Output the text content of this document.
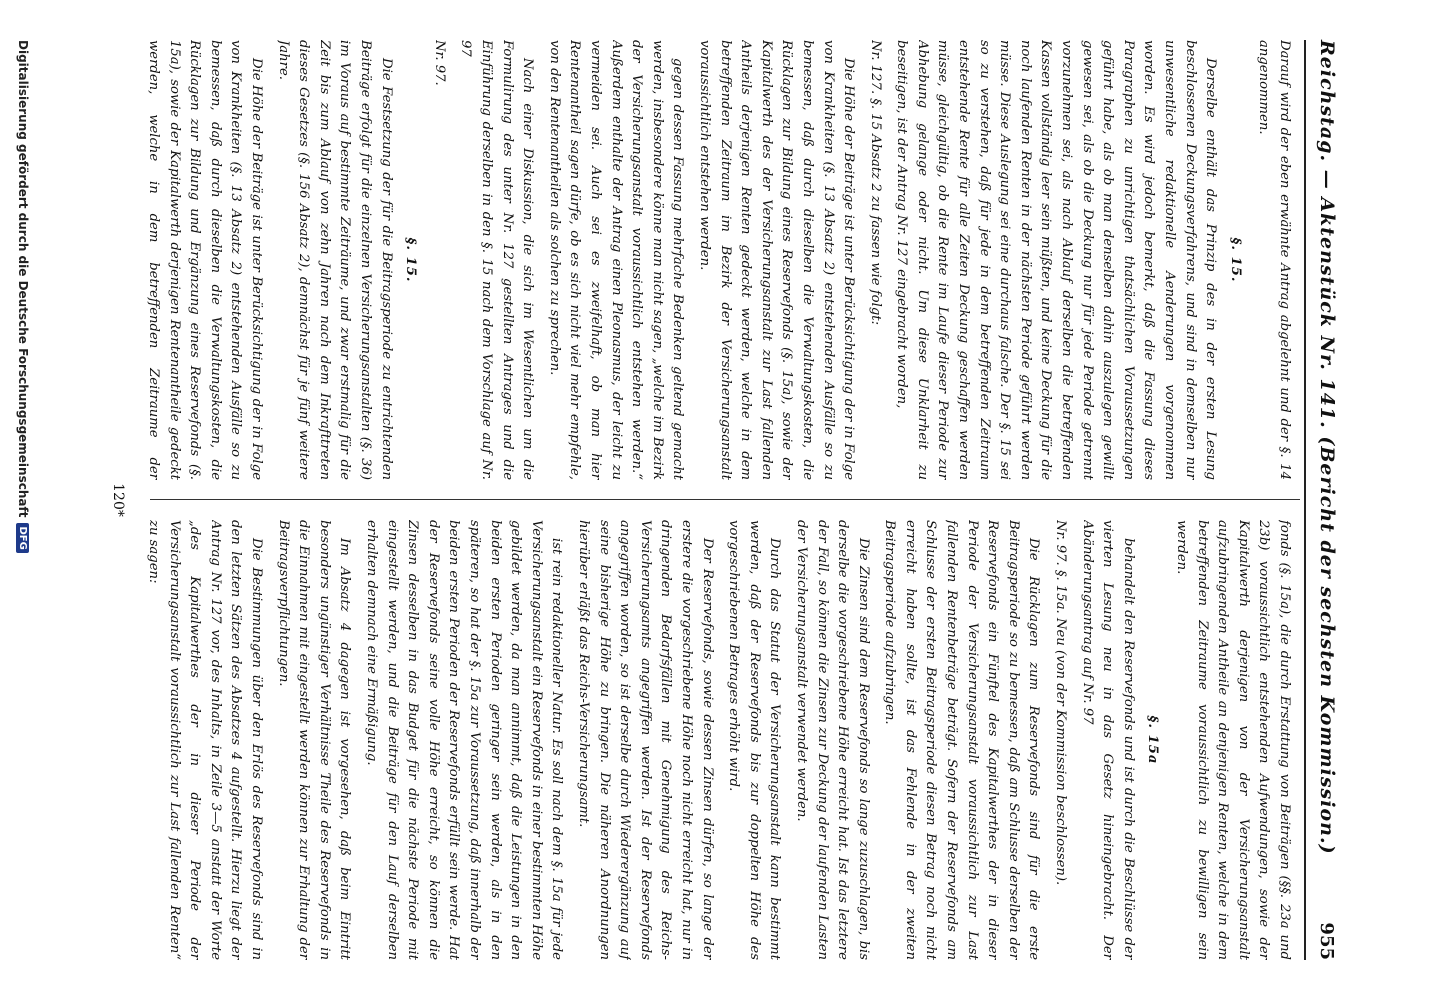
Reichstag. — Aktenstück Nr. 141. (Bericht der sechsten Kommission.)
955
Darauf wird der eben erwähnte Antrag abgelehnt und der §. 14 angenommen.
§. 15.
Derselbe enthält das Prinzip des in der ersten Lesung beschlossenen Deckungsverfahrens, und sind in demselben nur unwesentliche redaktionelle Aenderungen vorgenommen worden. Es wird jedoch bemerkt, daß die Fassung dieses Paragraphen zu unrichtigen thatsächlichen Voraussetzungen geführt habe, als ob man denselben dahin auszulegen gewillt gewesen sei, als ob die Deckung nur für jede Periode getrennt vorzunehmen sei, als nach Ablauf derselben die betreffenden Kassen vollständig leer sein müßten, und keine Deckung für die noch laufenden Renten in der nächsten Periode geführt werden müsse. Diese Auslegung sei eine durchaus falsche. Der §. 15 sei so zu verstehen, daß für jede in dem betreffenden Zeitraum entstehende Rente für alle Zeiten Deckung geschaffen werden müsse, gleichgültig, ob die Rente im Laufe dieser Periode zur Abhebung gelange oder nicht. Um diese Unklarheit zu beseitigen, ist der Antrag Nr. 127 eingebracht worden,
Nr. 127. §. 15 Absatz 2 zu fassen wie folgt:
Die Höhe der Beiträge ist unter Berücksichtigung der in Folge von Krankheiten (§. 13 Absatz 2) entstehenden Ausfälle so zu bemessen, daß durch dieselben die Verwaltungskosten, die Rücklagen zur Bildung eines Reservefonds (§. 15a), sowie der Kapitalwerth des der Versicherungsanstalt zur Last fallenden Antheils derjenigen Renten gedeckt werden, welche in dem betreffenden Zeitraum im Bezirk der Versicherungsanstalt voraussichtlich entstehen werden.
gegen dessen Fassung mehrfache Bedenken geltend gemacht werden, insbesondere könne man nicht sagen, „welche im Bezirk der Versicherungsanstalt voraussichtlich entstehen werden.“ Außerdem enthalte der Antrag einen Pleonasmus, der leicht zu vermeiden sei. Auch sei es zweifelhaft, ob man hier Rentenantheil sagen dürfe, ob es sich nicht viel mehr empfehle, von den Rentenantheilen als solchen zu sprechen.
Nach einer Diskussion, die sich im Wesentlichen um die Formulirung des unter Nr. 127 gestellten Antrages und die Einführung derselben in den §. 15 nach dem Vorschlage auf Nr. 97
Nr. 97.
§. 15.
Die Festsetzung der für die Beitragsperiode zu entrichtenden Beiträge erfolgt für die einzelnen Versicherungsanstalten (§. 36) im Voraus auf bestimmte Zeiträume, und zwar erstmalig für die Zeit bis zum Ablauf von zehn Jahren nach dem Inkrafttreten dieses Gesetzes (§. 156 Absatz 2), demnächst für je fünf weitere Jahre.
Die Höhe der Beiträge ist unter Berücksichtigung der in Folge von Krankheiten (§. 13 Absatz 2) entstehenden Ausfälle so zu bemessen, daß durch dieselben die Verwaltungskosten, die Rücklagen zur Bildung und Ergänzung eines Reservefonds (§. 15a), sowie der Kapitalwerth derjenigen Rentenantheile gedeckt werden, welche in dem betreffenden Zeitraume der
fonds (§. 15a), die durch Erstattung von Beiträgen (§§. 23a und 23b) voraussichtlich entstehenden Aufwendungen, sowie der Kapitalwerth derjenigen von der Versicherungsanstalt aufzubringenden Antheile an denjenigen Renten, welche in dem betreffenden Zeitraume voraussichtlich zu bewilligen sein werden.
§. 15a
behandelt den Reservefonds und ist durch die Beschlüsse der vierten Lesung neu in das Gesetz hineingebracht. Der Abänderungsantrag auf Nr. 97
Nr. 97. §. 15a. Neu (von der Kommission beschlossen).
Die Rücklagen zum Reservefonds sind für die erste Beitragsperiode so zu bemessen, daß am Schlusse derselben der Reservefonds ein Fünftel des Kapitalwerthes der in dieser Periode der Versicherungsanstalt voraussichtlich zur Last fallenden Rentenbeträge beträgt. Sofern der Reservefonds am Schlusse der ersten Beitragsperiode diesen Betrag noch nicht erreicht haben sollte, ist das Fehlende in der zweiten Beitragsperiode aufzubringen.
Die Zinsen sind dem Reservefonds so lange zuzuschlagen, bis derselbe die vorgeschriebene Höhe erreicht hat. Ist das letztere der Fall, so können die Zinsen zur Deckung der laufenden Lasten der Versicherungsanstalt verwendet werden.
Durch das Statut der Versicherungsanstalt kann bestimmt werden, daß der Reservefonds bis zur doppelten Höhe des vorgeschriebenen Betrages erhöht wird.
Der Reservefonds, sowie dessen Zinsen dürfen, so lange der erstere die vorgeschriebene Höhe noch nicht erreicht hat, nur in dringenden Bedarfsfällen mit Genehmigung des Reichs-Versicherungsamts angegriffen werden. Ist der Reservefonds angegriffen worden, so ist derselbe durch Wiederergänzung auf seine bisherige Höhe zu bringen. Die näheren Anordnungen hierüber erläßt das Reichs-Versicherungsamt.
ist rein redaktioneller Natur. Es soll nach dem §. 15a für jede Versicherungsanstalt ein Reservefonds in einer bestimmten Höhe gebildet werden, da man annimmt, daß die Leistungen in den beiden ersten Perioden geringer sein werden, als in den späteren, so hat der §. 15a zur Voraussetzung, daß innerhalb der beiden ersten Perioden der Reservefonds erfüllt sein werde. Hat der Reservefonds seine volle Höhe erreicht, so können die Zinsen desselben in das Budget für die nächste Periode mit eingestellt werden, und die Beiträge für den Lauf derselben erhalten demnach eine Ermäßigung.
Im Absatz 4 dagegen ist vorgesehen, daß beim Eintritt besonders ungünstiger Verhältnisse Theile des Reservefonds in die Einnahmen mit eingestellt werden können zur Erhaltung der Beitragsverpflichtungen.
Die Bestimmungen über den Erlös des Reservefonds sind in den letzten Sätzen des Absatzes 4 aufgestellt. Hierzu liegt der Antrag Nr. 127 vor, des Inhalts, in Zeile 3—5 anstatt der Worte „des Kapitalwerthes der in dieser Periode der Versicherungsanstalt voraussichtlich zur Last fallenden Renten“ zu sagen:
120*
Digitalisierung gefördert durch die Deutsche Forschungsgemeinschaft
DFG
